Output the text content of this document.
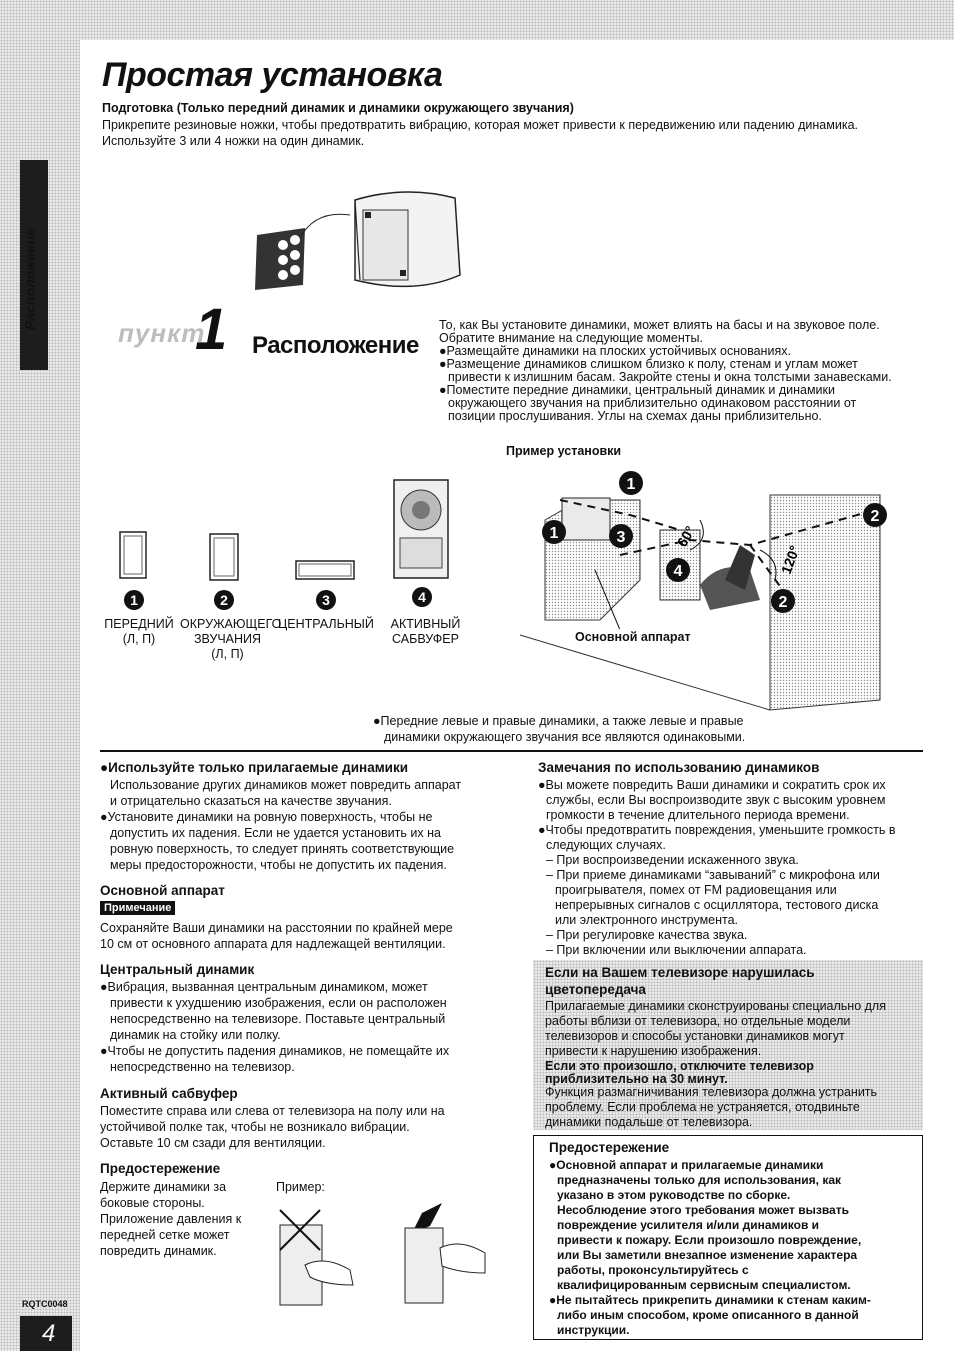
Расположение
RQTC0048
4
Простая установка

Подготовка (Только передний динамик и динамики окружающего звучания)

Прикрепите резиновые ножки, чтобы предотвратить вибрацию, которая может привести к передвижению или падению динамика.

Используйте 3 или 4 ножки на один динамик.

пункт
1 Расположение

То, как Вы установите динамики, может влиять на басы и на звуковое поле.

Обратите внимание на следующие моменты.

●Размещайте динамики на плоских устойчивых основаниях.

●Размещение динамиков слишком близко к полу, стенам и углам может

привести к излишним басам. Закройте стены и окна толстыми занавесками.

●Поместите передние динамики, центральный динамик и динамики

окружающего звучания на приблизительно одинаковом расстоянии от

позиции прослушивания. Углы на схемах даны приблизительно.

Пример установки

1	2	3	4
ПЕРЕДНИЙ
(Л, П)
ОКРУЖАЮЩЕГО
ЗВУЧАНИЯ
(Л, П)
ЦЕНТРАЛЬНЫЙ	АКТИВНЫЙ
САБВУФЕР
60°
120°
1
1	3
4
2
2

Основной аппарат

●Передние левые и правые динамики, а также левые и правые

динамики окружающего звучания все являются одинаковыми.

●Используйте только прилагаемые динамики

Использование других динамиков может повредить аппарат

и отрицательно сказаться на качестве звучания.

●Установите динамики на ровную поверхность, чтобы не

допустить их падения. Если не удается установить их на

ровную поверхность, то следует принять соответствующие

меры предосторожности, чтобы не допустить их падения.

Основной аппарат

Примечание

Сохраняйте Ваши динамики на расстоянии по крайней мере

10 см от основного аппарата для надлежащей вентиляции.

Центральный динамик

●Вибрация, вызванная центральным динамиком, может

привести к ухудшению изображения, если он расположен

непосредственно на телевизоре. Поставьте центральный

динамик на стойку или полку.

●Чтобы не допустить падения динамиков, не помещайте их

непосредственно на телевизор.

Активный сабвуфер

Поместите справа или слева от телевизора на полу или на

устойчивой полке так, чтобы не возникало вибрации.

Оставьте 10 см сзади для вентиляции.

Предостережение

Держите динамики за

боковые стороны.

Приложение давления к

передней сетке может

повредить динамик.

Пример:

Замечания по использованию динамиков

●Вы можете повредить Ваши динамики и сократить срок их

службы, если Вы воспроизводите звук с высоким уровнем

громкости в течение длительного периода времени.

●Чтобы предотвратить повреждения, уменьшите громкость в

следующих случаях.

– При воспроизведении искаженного звука.

– При приеме динамиками “завываний” с микрофона или

проигрывателя, помех от FM радиовещания или

непрерывных сигналов с осциллятора, тестового диска

или электронного инструмента.

– При регулировке качества звука.

– При включении или выключении аппарата.

Если на Вашем телевизоре нарушилась

цветопередача

Прилагаемые динамики сконструированы специально для

работы вблизи от телевизора, но отдельные модели

телевизоров и способы установки динамиков могут

привести к нарушению изображения.

Если это произошло, отключите телевизор

приблизительно на 30 минут.

Функция размагничивания телевизора должна устранить

проблему. Если проблема не устраняется, отодвиньте

динамики подальше от телевизора.

Предостережение

●Основной аппарат и прилагаемые динамики

предназначены только для использования, как

указано в этом руководстве по сборке.

Несоблюдение этого требования может вызвать

повреждение усилителя и/или динамиков и

привести к пожару. Если произошло повреждение,

или Вы заметили внезапное изменение характера

работы, проконсультируйтесь с

квалифицированным сервисным специалистом.

●Не пытайтесь прикрепить динамики к стенам каким-

либо иным способом, кроме описанного в данной

инструкции.
